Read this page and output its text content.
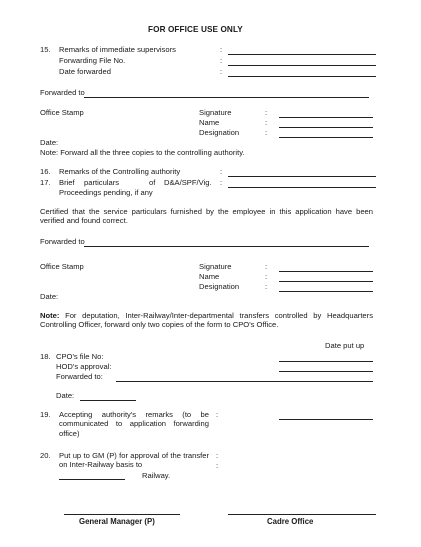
FOR OFFICE USE ONLY
15. Remarks of immediate supervisors	:
Forwarding File No.	:
Date forwarded	:
Forwarded to
Office Stamp	Signature	:
Name	:
Designation	:
Date:
Note: Forward all the three copies to the controlling authority.
16. Remarks of the Controlling authority	:
17. Brief particulars	of D&A/SPF/Vig. :
Proceedings pending, if any
Certified that the service particulars furnished by the employee in this application have been verified and found correct.
Forwarded to
Office Stamp	Signature	:
Name	:
Designation	:
Date:
Note: For deputation, Inter-Railway/Inter-departmental transfers controlled by Headquarters Controlling Officer, forward only two copies of the form to CPO's Office.
Date put up
18. CPO's file No:
HOD's approval:
Forwarded to:
Date:
19. Accepting authority's remarks (to be communicated to application forwarding office)
:
20. Put up to GM (P) for approval of the transfer on Inter-Railway basis to
:
:
Railway.
General Manager (P)	Cadre Office
